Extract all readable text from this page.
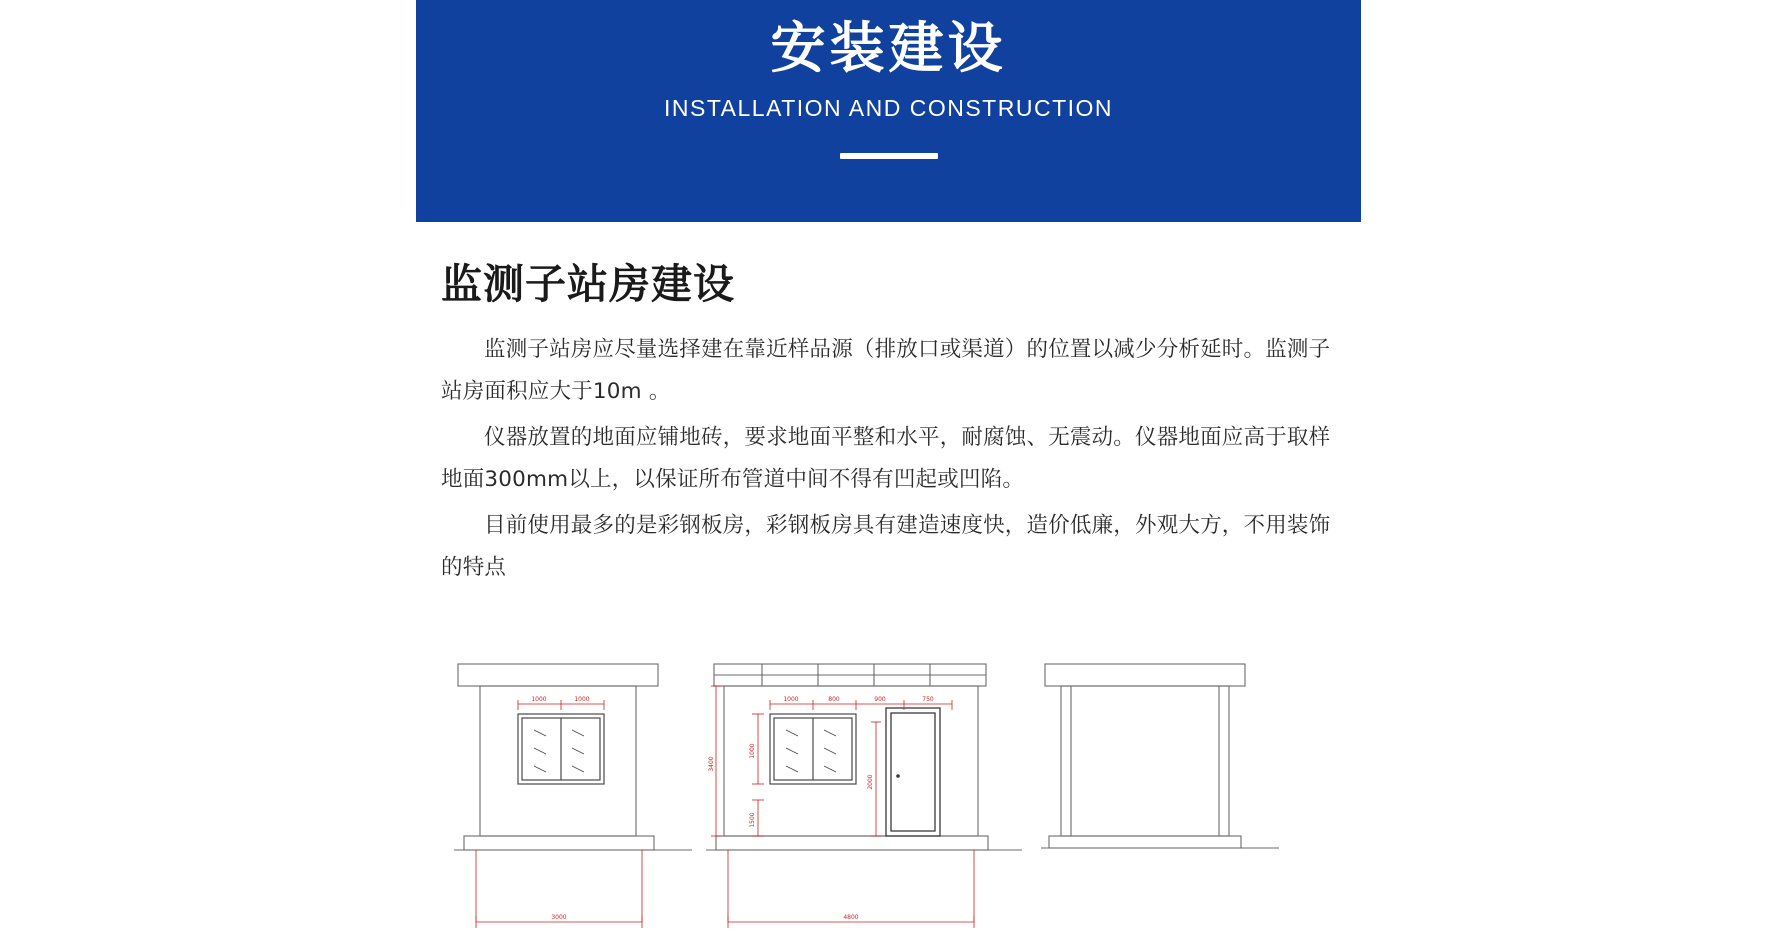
安装建设
INSTALLATION AND CONSTRUCTION
监测子站房建设

监测子站房应尽量选择建在靠近样品源（排放口或渠道）的位置以减少分析延时。监测子站房面积应大于10m 。

仪器放置的地面应铺地砖，要求地面平整和水平，耐腐蚀、无震动。仪器地面应高于取样地面300mm以上，以保证所布管道中间不得有凹起或凹陷。

目前使用最多的是彩钢板房，彩钢板房具有建造速度快，造价低廉，外观大方，不用装饰的特点

1000	1000
3000
1000	800	900	750
1000
1500
3400
2000
4800
